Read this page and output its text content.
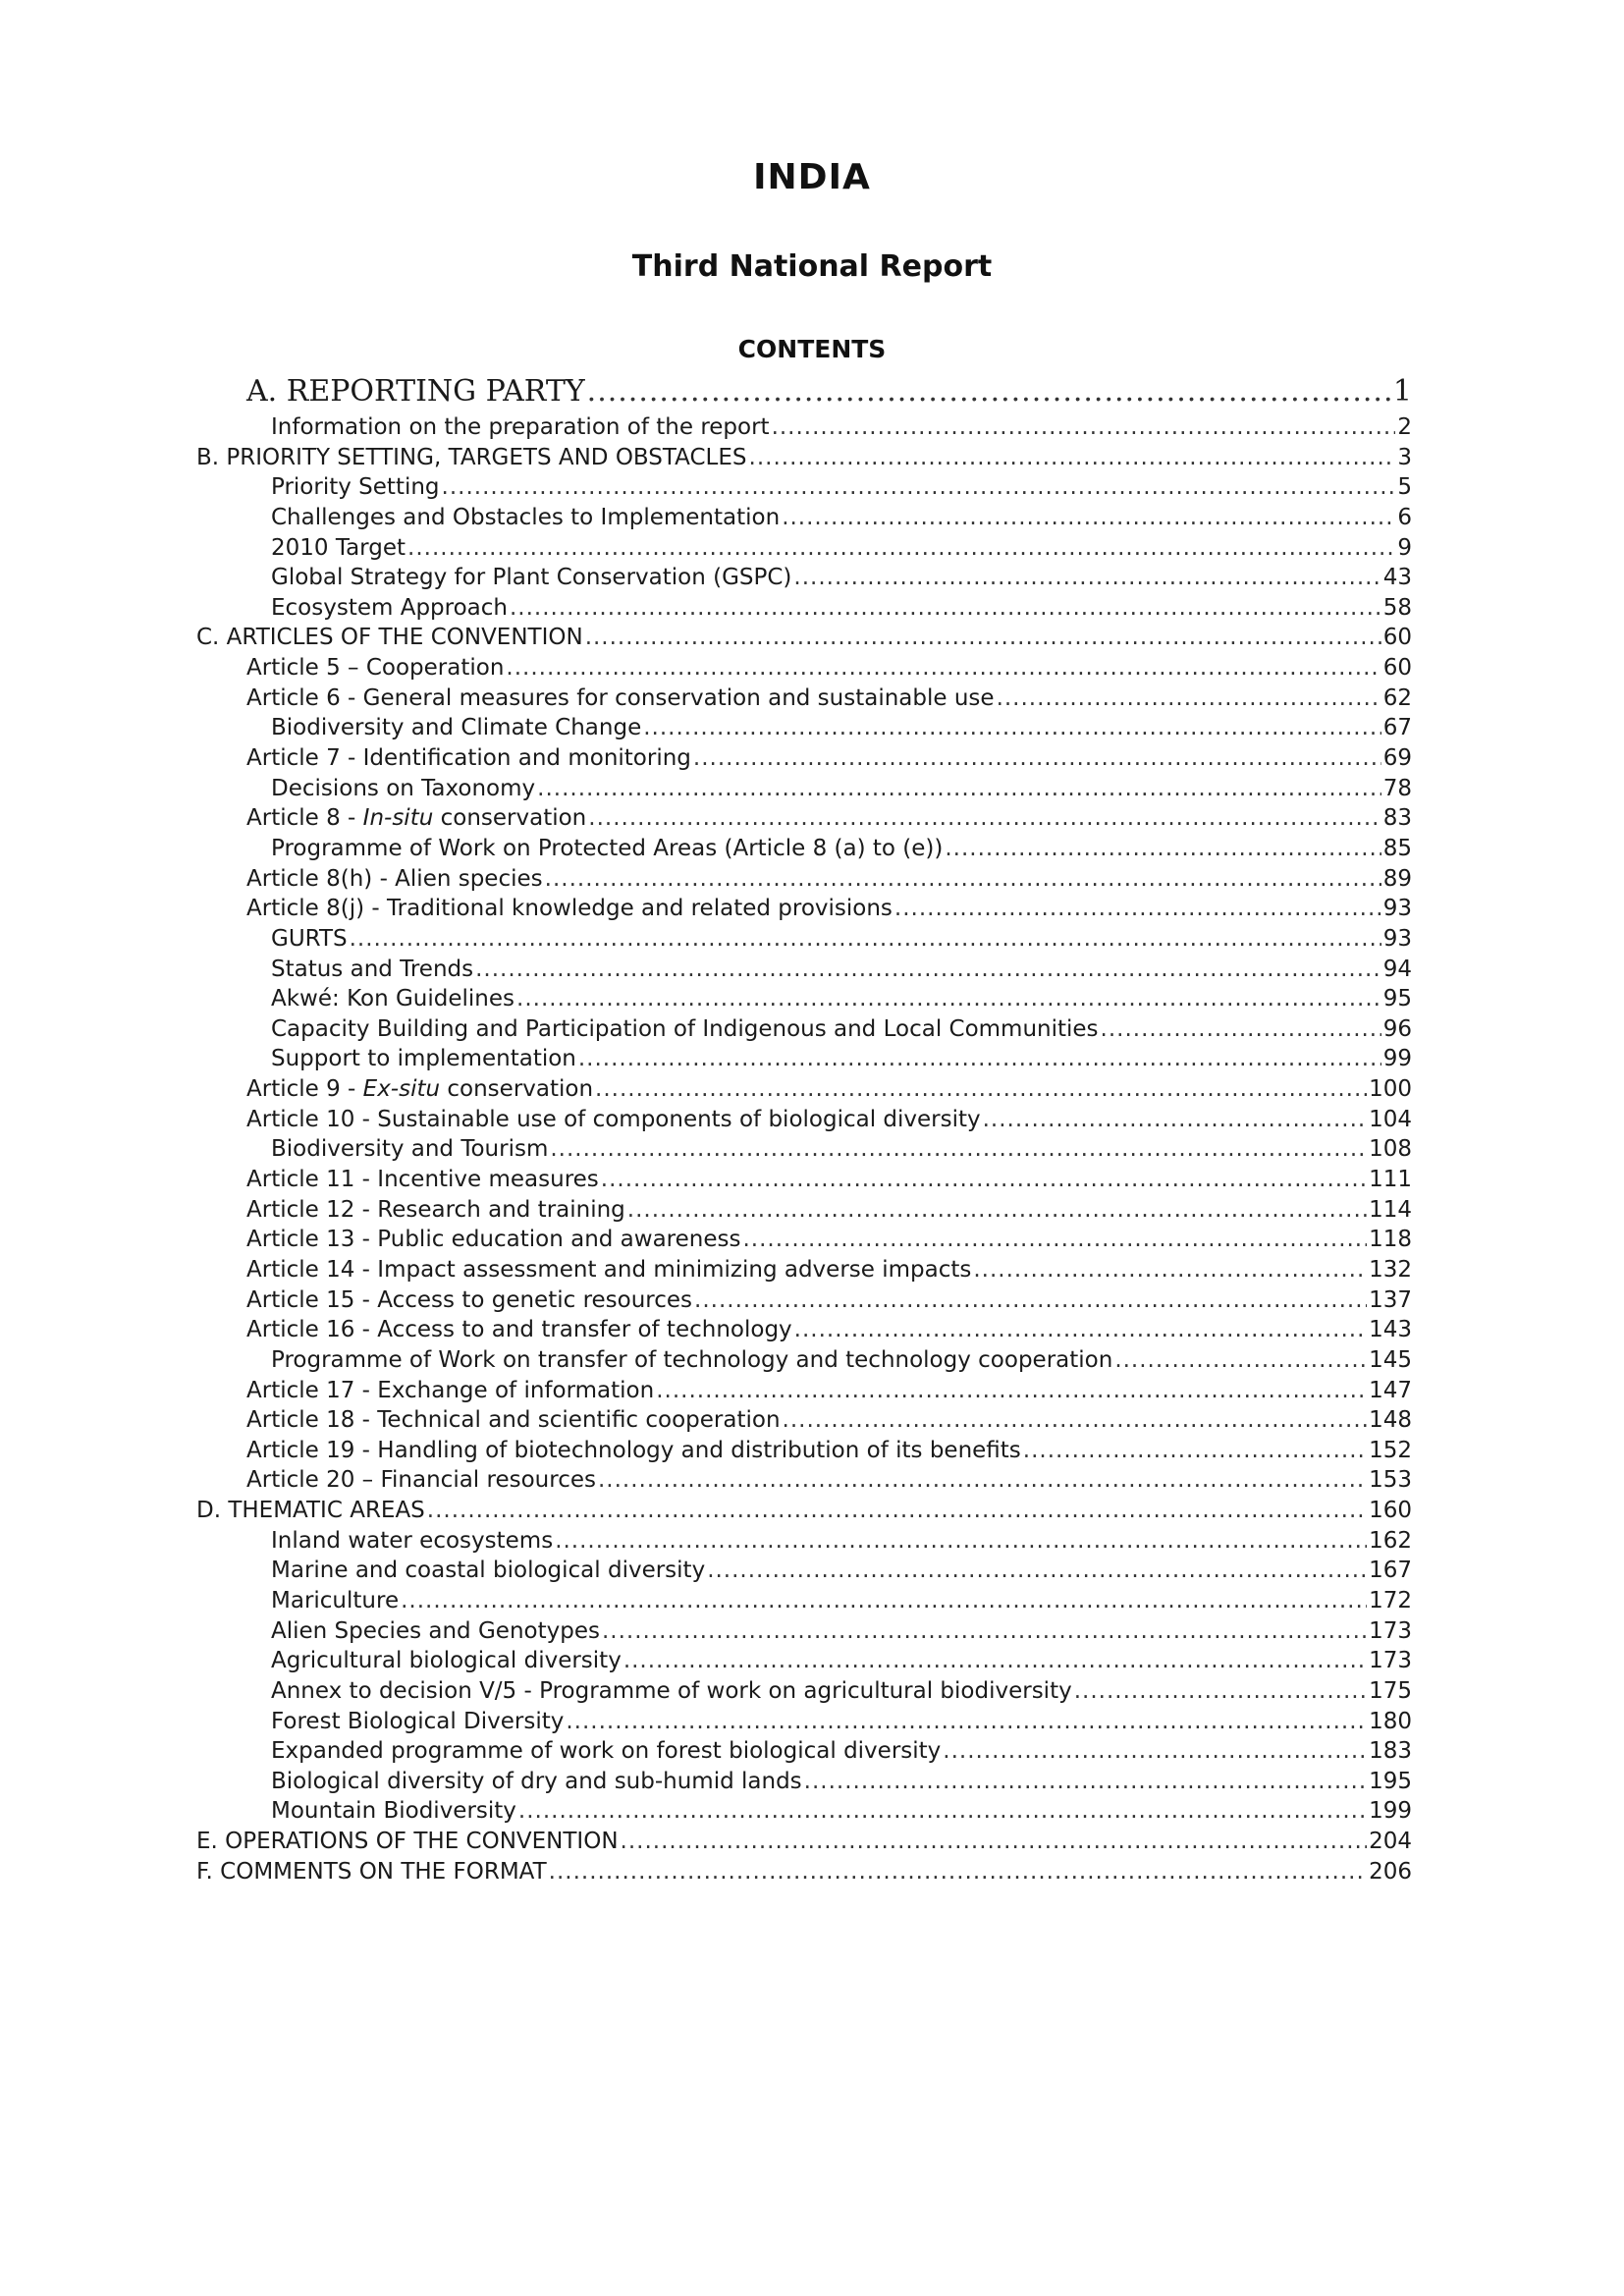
INDIA
Third National Report
CONTENTS
A. REPORTING PARTY .....	1
Information on the preparation of the report .....	2
B. PRIORITY SETTING, TARGETS AND OBSTACLES .....	3
Priority Setting .....	5
Challenges and Obstacles to Implementation .....	6
2010 Target .....	9
Global Strategy for Plant Conservation (GSPC) .....	43
Ecosystem Approach .....	58
C. ARTICLES OF THE CONVENTION .....	60
Article 5 – Cooperation .....	60
Article 6 - General measures for conservation and sustainable use .....	62
Biodiversity and Climate Change .....	67
Article 7 - Identification and monitoring .....	69
Decisions on Taxonomy .....	78
Article 8 - In-situ conservation .....	83
Programme of Work on Protected Areas (Article 8 (a) to (e)) .....	85
Article 8(h) - Alien species .....	89
Article 8(j) - Traditional knowledge and related provisions .....	93
GURTS .....	93
Status and Trends .....	94
Akwé: Kon Guidelines .....	95
Capacity Building and Participation of Indigenous and Local Communities .....	96
Support to implementation .....	99
Article 9 - Ex-situ conservation .....	100
Article 10 - Sustainable use of components of biological diversity .....	104
Biodiversity and Tourism .....	108
Article 11 - Incentive measures .....	111
Article 12 - Research and training .....	114
Article 13 - Public education and awareness .....	118
Article 14 - Impact assessment and minimizing adverse impacts .....	132
Article 15 - Access to genetic resources .....	137
Article 16 - Access to and transfer of technology .....	143
Programme of Work on transfer of technology and technology cooperation .....	145
Article 17 - Exchange of information .....	147
Article 18 - Technical and scientific cooperation .....	148
Article 19 - Handling of biotechnology and distribution of its benefits .....	152
Article 20 – Financial resources .....	153
D. THEMATIC AREAS .....	160
Inland water ecosystems .....	162
Marine and coastal biological diversity .....	167
Mariculture .....	172
Alien Species and Genotypes .....	173
Agricultural biological diversity .....	173
Annex to decision V/5 - Programme of work on agricultural biodiversity .....	175
Forest Biological Diversity .....	180
Expanded programme of work on forest biological diversity .....	183
Biological diversity of dry and sub-humid lands .....	195
Mountain Biodiversity .....	199
E. OPERATIONS OF THE CONVENTION .....	204
F. COMMENTS ON THE FORMAT .....	206
